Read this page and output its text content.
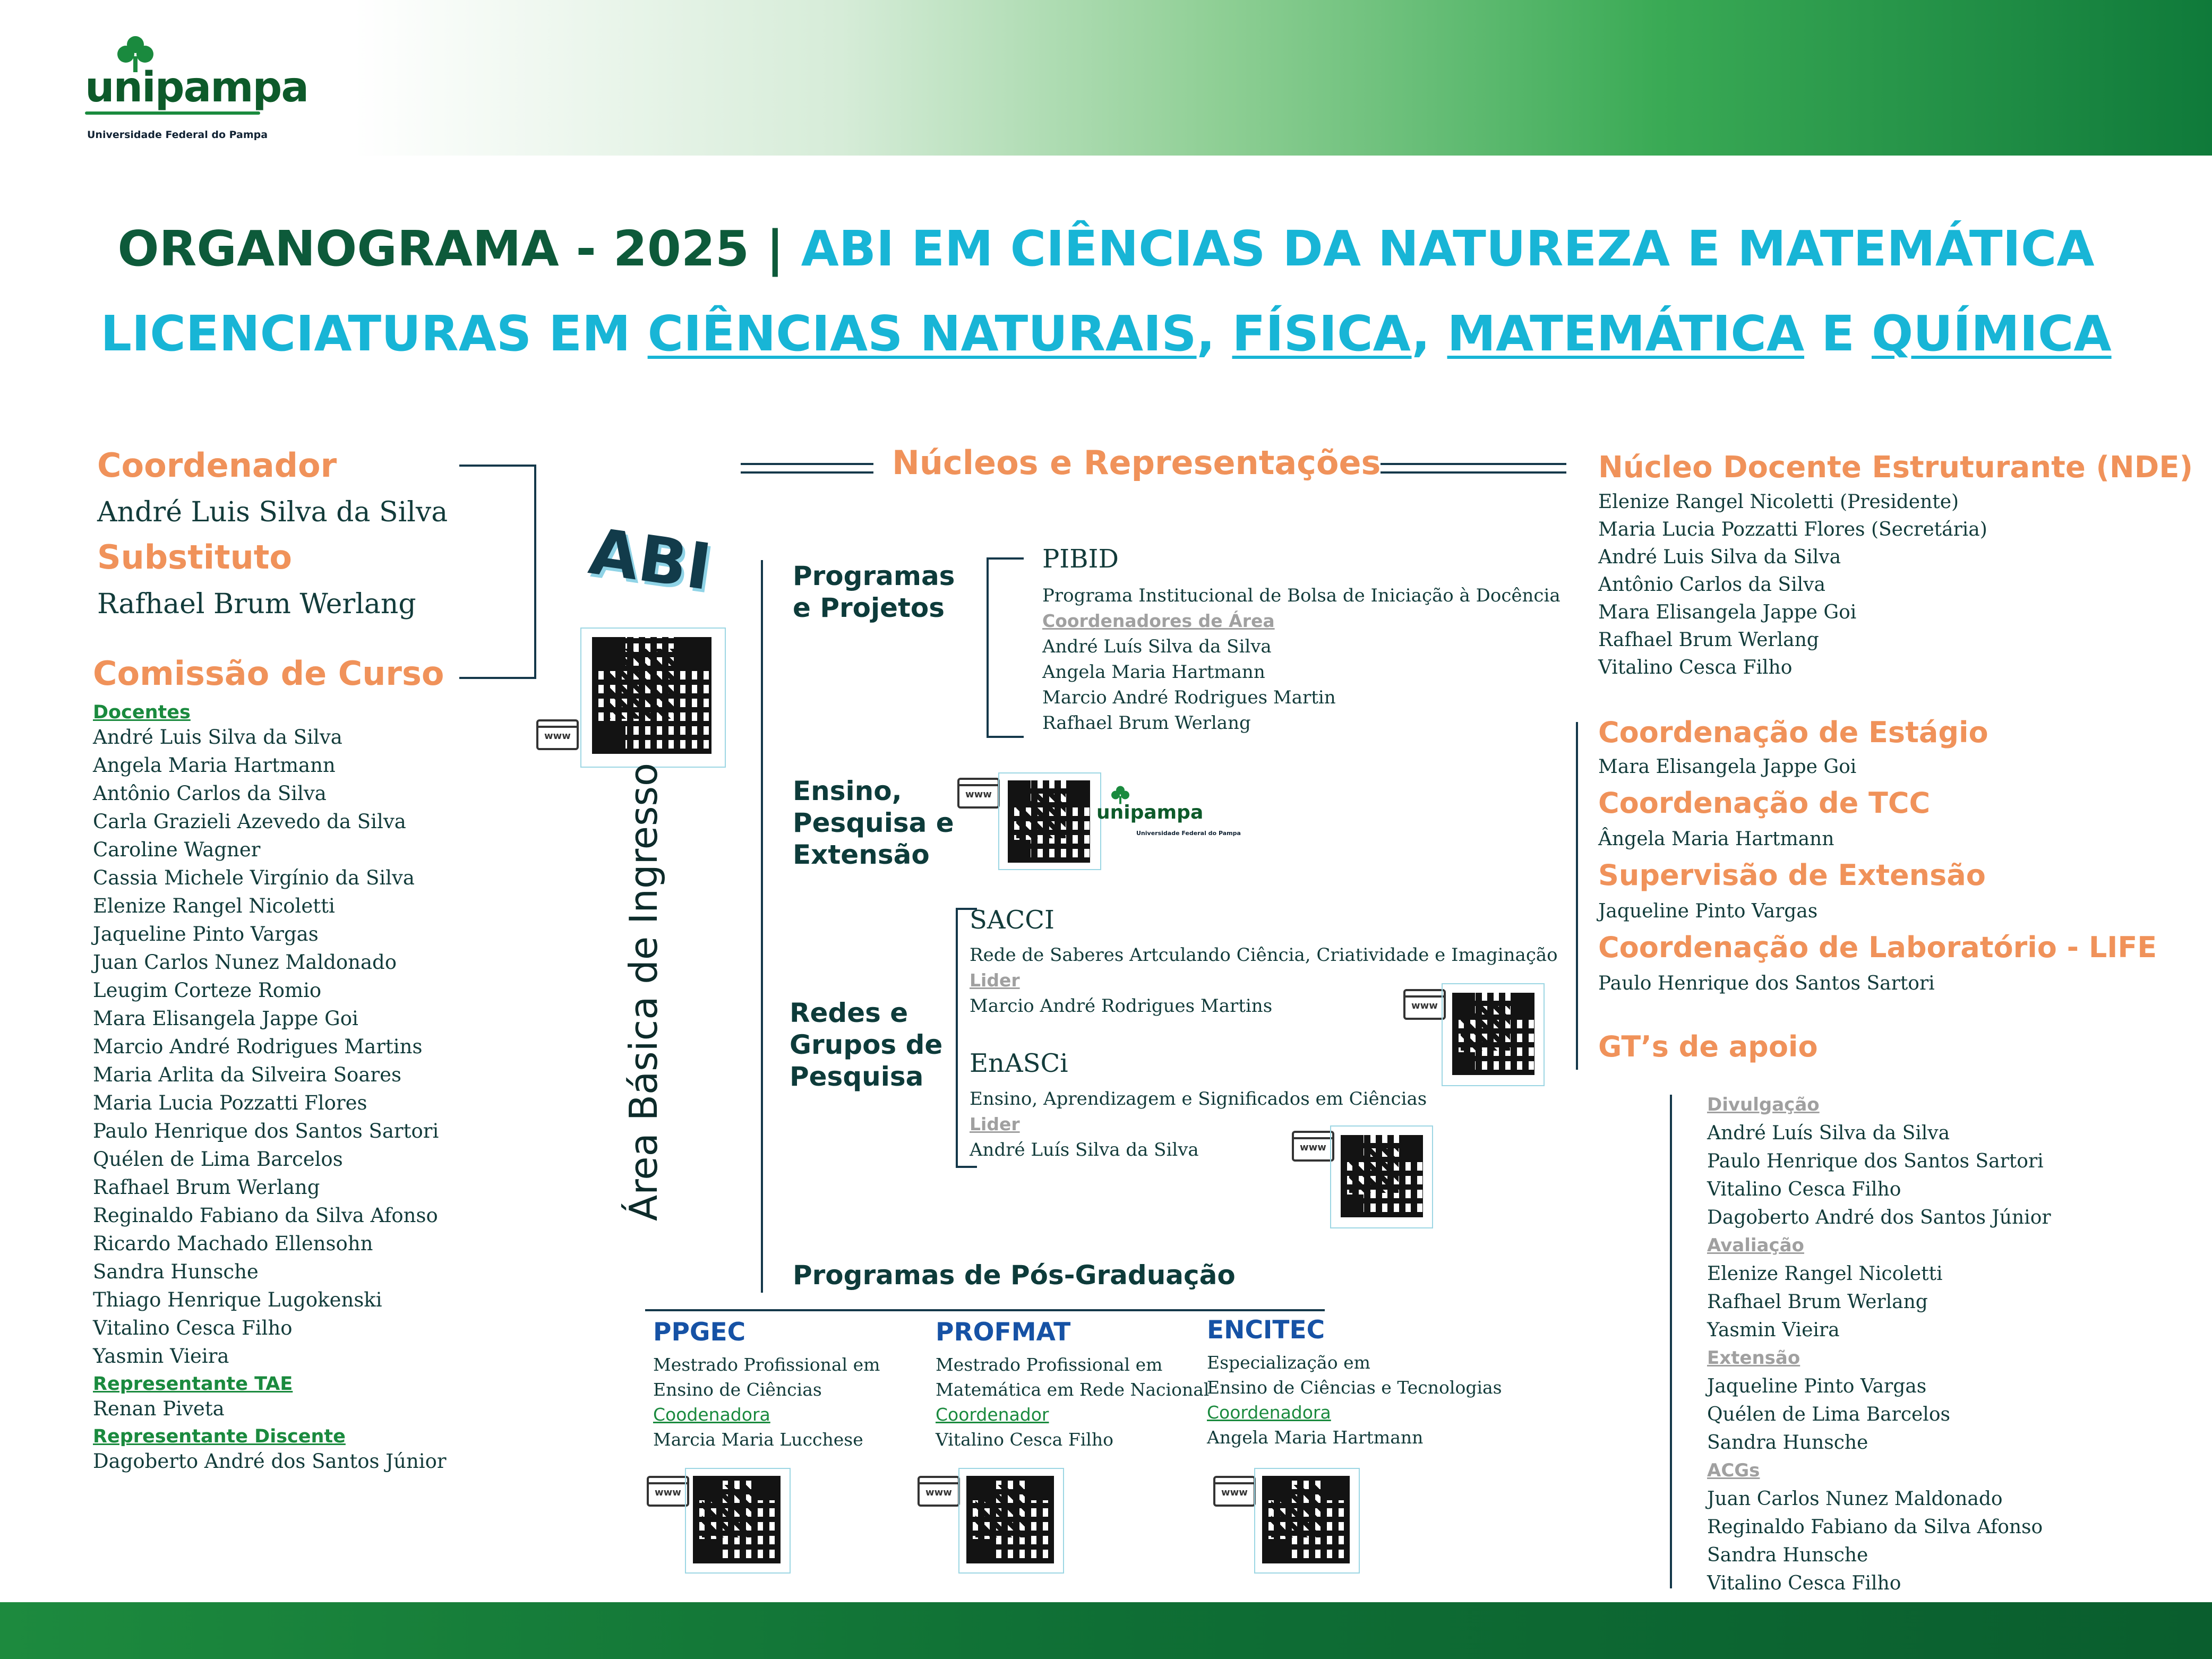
unipampa
Universidade Federal do Pampa
ORGANOGRAMA - 2025 | ABI EM CIÊNCIAS DA NATUREZA E MATEMÁTICA
LICENCIATURAS EM CIÊNCIAS NATURAIS, FÍSICA, MATEMÁTICA E QUÍMICA
Coordenador
André Luis Silva da Silva
Substituto
Rafhael Brum Werlang
Comissão de Curso
Docentes
André Luis Silva da Silva
Angela Maria Hartmann
Antônio Carlos da Silva
Carla Grazieli Azevedo da Silva
Caroline Wagner
Cassia Michele Virgínio da Silva
Elenize Rangel Nicoletti
Jaqueline Pinto Vargas
Juan Carlos Nunez Maldonado
Leugim Corteze Romio
Mara Elisangela Jappe Goi
Marcio André Rodrigues Martins
Maria Arlita da Silveira Soares
Maria Lucia Pozzatti Flores
Paulo Henrique dos Santos Sartori
Quélen de Lima Barcelos
Rafhael Brum Werlang
Reginaldo Fabiano da Silva Afonso
Ricardo Machado Ellensohn
Sandra Hunsche
Thiago Henrique Lugokenski
Vitalino Cesca Filho
Yasmin Vieira
Representante TAE
Renan Piveta
Representante Discente
Dagoberto André dos Santos Júnior
ABI
www
Área Básica de Ingresso
Núcleos e Representações
Programas
e Projetos
PIBID
Programa Institucional de Bolsa de Iniciação à Docência
Coordenadores de Área
André Luís Silva da Silva
Angela Maria Hartmann
Marcio André Rodrigues Martin
Rafhael Brum Werlang
Ensino,
Pesquisa e
Extensão
www
unipampa
Universidade Federal do Pampa
Redes e
Grupos de
Pesquisa
SACCI
Rede de Saberes Artculando Ciência, Criatividade e Imaginação
Lider
Marcio André Rodrigues Martins	www
EnASCi
Ensino, Aprendizagem e Significados em Ciências
Lider
André Luís Silva da Silva	www
Programas de Pós-Graduação
PPGEC
Mestrado Profissional em
Ensino de Ciências
Coodenadora
Marcia Maria Lucchese
www
PROFMAT
Mestrado Profissional em
Matemática em Rede Nacional
Coordenador
Vitalino Cesca Filho
www
ENCITEC
Especialização em
Ensino de Ciências e Tecnologias
Coordenadora
Angela Maria Hartmann
www
Núcleo Docente Estruturante (NDE)
Elenize Rangel Nicoletti (Presidente)
Maria Lucia Pozzatti Flores (Secretária)
André Luis Silva da Silva
Antônio Carlos da Silva
Mara Elisangela Jappe Goi
Rafhael Brum Werlang
Vitalino Cesca Filho
Coordenação de Estágio
Mara Elisangela Jappe Goi
Coordenação de TCC
Ângela Maria Hartmann
Supervisão de Extensão
Jaqueline Pinto Vargas
Coordenação de Laboratório - LIFE
Paulo Henrique dos Santos Sartori
GT’s de apoio
Divulgação
André Luís Silva da Silva
Paulo Henrique dos Santos Sartori
Vitalino Cesca Filho
Dagoberto André dos Santos Júnior
Avaliação
Elenize Rangel Nicoletti
Rafhael Brum Werlang
Yasmin Vieira
Extensão
Jaqueline Pinto Vargas
Quélen de Lima Barcelos
Sandra Hunsche
ACGs
Juan Carlos Nunez Maldonado
Reginaldo Fabiano da Silva Afonso
Sandra Hunsche
Vitalino Cesca Filho
